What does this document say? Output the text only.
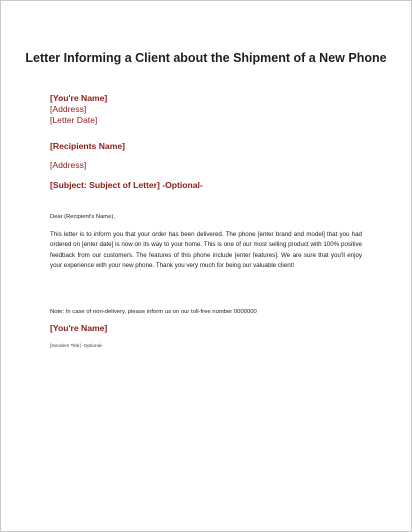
Letter Informing a Client about the Shipment of a New Phone
[You're Name]
[Address]
[Letter Date]
[Recipients Name]
[Address]
[Subject: Subject of Letter] -Optional-
Dear (Recipient's Name),
This letter is to inform you that your order has been delivered. The phone [enter brand and model] that you had ordered on [enter date] is now on its way to your home. This is one of our most selling product with 100% positive feedback from our customers. The features of this phone include [enter features]. We are sure that you'll enjoy your experience with your new phone. Thank you very much for being our valuable client!
Note: In case of non-delivery, please inform us on our toll-free number 0000000
[You're Name]
[Senders Title] -Optional-
